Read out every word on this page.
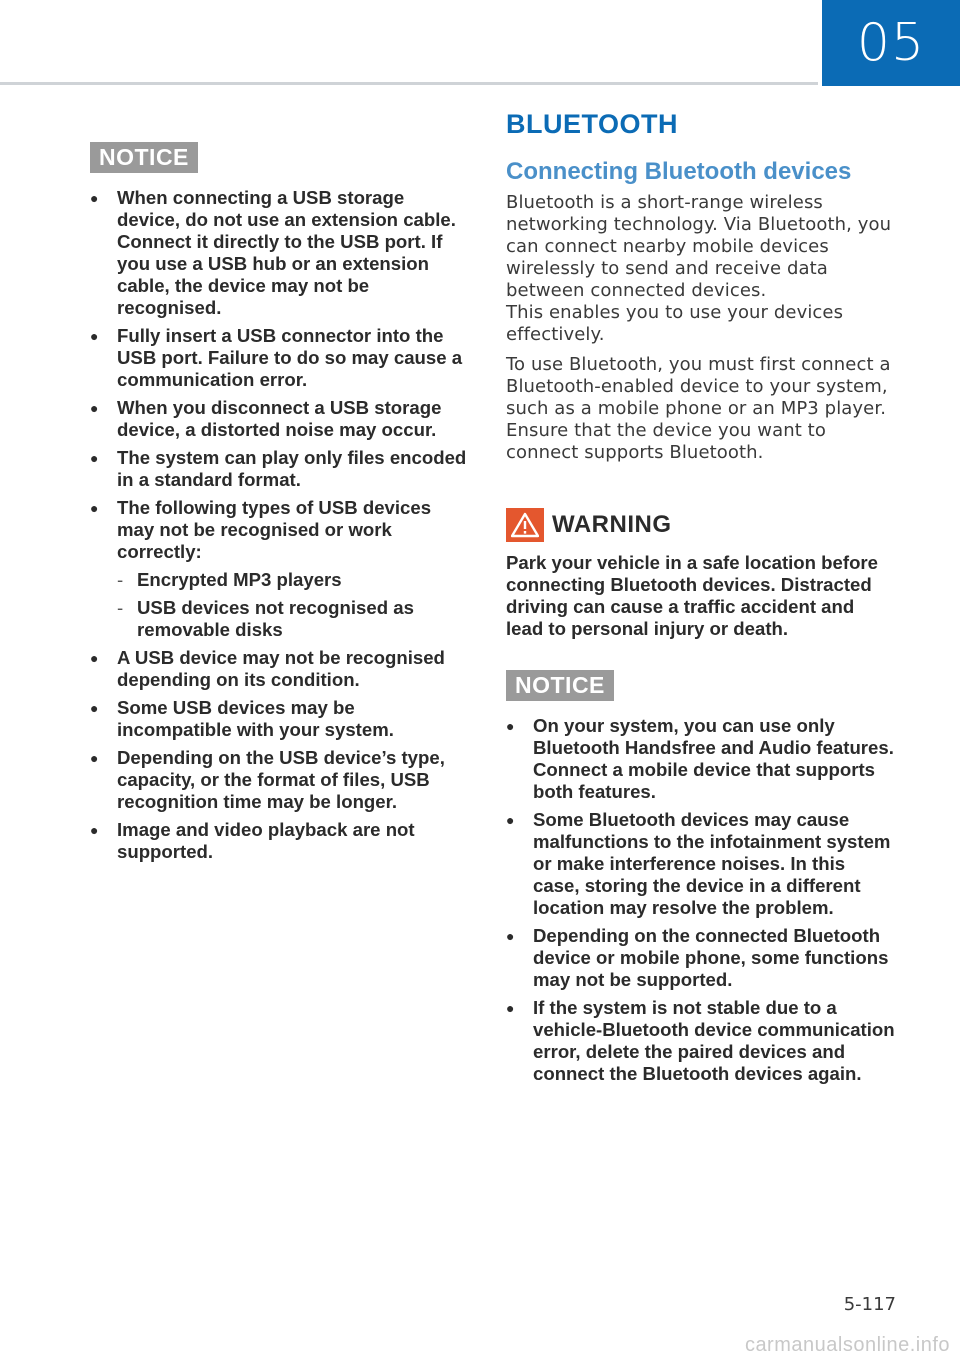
05
NOTICE
● When connecting a USB storage device, do not use an extension cable. Connect it directly to the USB port. If you use a USB hub or an extension cable, the device may not be recognised.
● Fully insert a USB connector into the USB port. Failure to do so may cause a communication error.
● When you disconnect a USB storage device, a distorted noise may occur.
● The system can play only files encoded in a standard format.
● The following types of USB devices may not be recognised or work correctly:
- Encrypted MP3 players
- USB devices not recognised as removable disks
● A USB device may not be recognised depending on its condition.
● Some USB devices may be incompatible with your system.
● Depending on the USB device’s type, capacity, or the format of files, USB recognition time may be longer.
● Image and video playback are not supported.
BLUETOOTH
Connecting Bluetooth devices

Bluetooth is a short-range wireless networking technology. Via Bluetooth, you can connect nearby mobile devices wirelessly to send and receive data between connected devices.

This enables you to use your devices effectively.

To use Bluetooth, you must first connect a Bluetooth-enabled device to your system, such as a mobile phone or an MP3 player. Ensure that the device you want to connect supports Bluetooth.

WARNING

Park your vehicle in a safe location before connecting Bluetooth devices. Distracted driving can cause a traffic accident and lead to personal injury or death.

NOTICE
● On your system, you can use only Bluetooth Handsfree and Audio features. Connect a mobile device that supports both features.
● Some Bluetooth devices may cause malfunctions to the infotainment system or make interference noises. In this case, storing the device in a different location may resolve the problem.
● Depending on the connected Bluetooth device or mobile phone, some functions may not be supported.
● If the system is not stable due to a vehicle-Bluetooth device communication error, delete the paired devices and connect the Bluetooth devices again.
5-117
carmanualsonline.info
